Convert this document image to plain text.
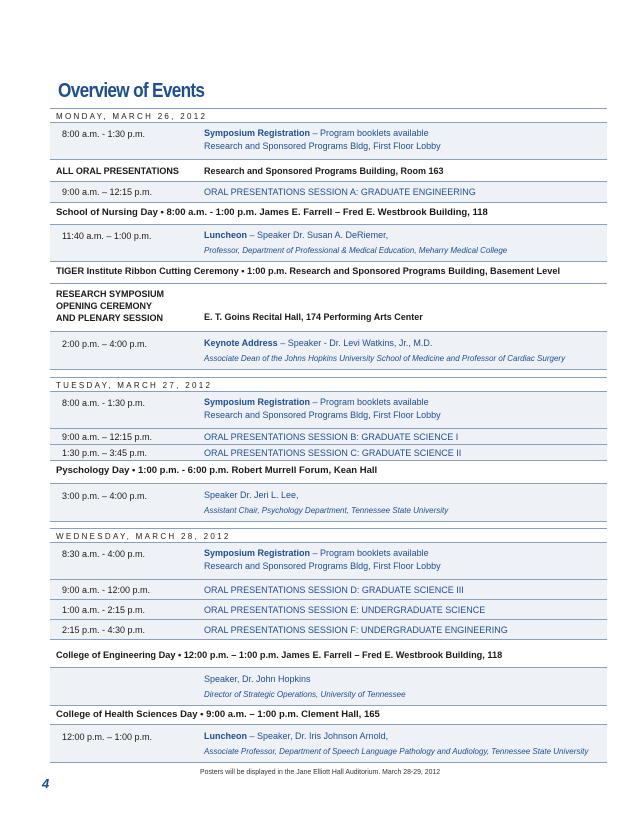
Overview of Events
MONDAY, MARCH 26, 2012
8:00 a.m. - 1:30 p.m.	Symposium Registration – Program booklets available
Research and Sponsored Programs Bldg, First Floor Lobby
ALL ORAL PRESENTATIONS	Research and Sponsored Programs Building, Room 163
9:00 a.m. – 12:15 p.m.	ORAL PRESENTATIONS SESSION A: GRADUATE ENGINEERING
School of Nursing Day • 8:00 a.m. - 1:00 p.m. James E. Farrell – Fred E. Westbrook Building, 118
11:40 a.m. – 1:00 p.m.	Luncheon – Speaker Dr. Susan A. DeRiemer,
Professor, Department of Professional & Medical Education, Meharry Medical College
TIGER Institute Ribbon Cutting Ceremony • 1:00 p.m. Research and Sponsored Programs Building, Basement Level
RESEARCH SYMPOSIUM
OPENING CEREMONY
AND PLENARY SESSION	E. T. Goins Recital Hall, 174 Performing Arts Center
2:00 p.m. – 4:00 p.m.	Keynote Address – Speaker - Dr. Levi Watkins, Jr., M.D.
Associate Dean of the Johns Hopkins University School of Medicine and Professor of Cardiac Surgery
TUESDAY, MARCH 27, 2012
8:00 a.m. - 1:30 p.m.	Symposium Registration – Program booklets available
Research and Sponsored Programs Bldg, First Floor Lobby
9:00 a.m. – 12:15 p.m.	ORAL PRESENTATIONS SESSION B: GRADUATE SCIENCE I
1:30 p.m. – 3:45 p.m.	ORAL PRESENTATIONS SESSION C: GRADUATE SCIENCE II
Pyschology Day • 1:00 p.m. - 6:00 p.m. Robert Murrell Forum, Kean Hall
3:00 p.m. – 4:00 p.m.	Speaker Dr. Jeri L. Lee,
Assistant Chair, Psychology Department, Tennessee State University
WEDNESDAY, MARCH 28, 2012
8:30 a.m. - 4:00 p.m.	Symposium Registration – Program booklets available
Research and Sponsored Programs Bldg, First Floor Lobby
9:00 a.m. - 12:00 p.m.	ORAL PRESENTATIONS SESSION D: GRADUATE SCIENCE III
1:00 a.m. - 2:15 p.m.	ORAL PRESENTATIONS SESSION E: UNDERGRADUATE SCIENCE
2:15 p.m. - 4:30 p.m.	ORAL PRESENTATIONS SESSION F: UNDERGRADUATE ENGINEERING
College of Engineering Day • 12:00 p.m. – 1:00 p.m. James E. Farrell – Fred E. Westbrook Building, 118
Speaker, Dr. John Hopkins
Director of Strategic Operations, University of Tennessee
College of Health Sciences Day • 9:00 a.m. – 1:00 p.m. Clement Hall, 165
12:00 p.m. – 1:00 p.m.	Luncheon – Speaker, Dr. Iris Johnson Arnold,
Associate Professor, Department of Speech Language Pathology and Audiology, Tennessee State University
Posters will be displayed in the Jane Elliott Hall Auditorium. March 28-29, 2012
4
